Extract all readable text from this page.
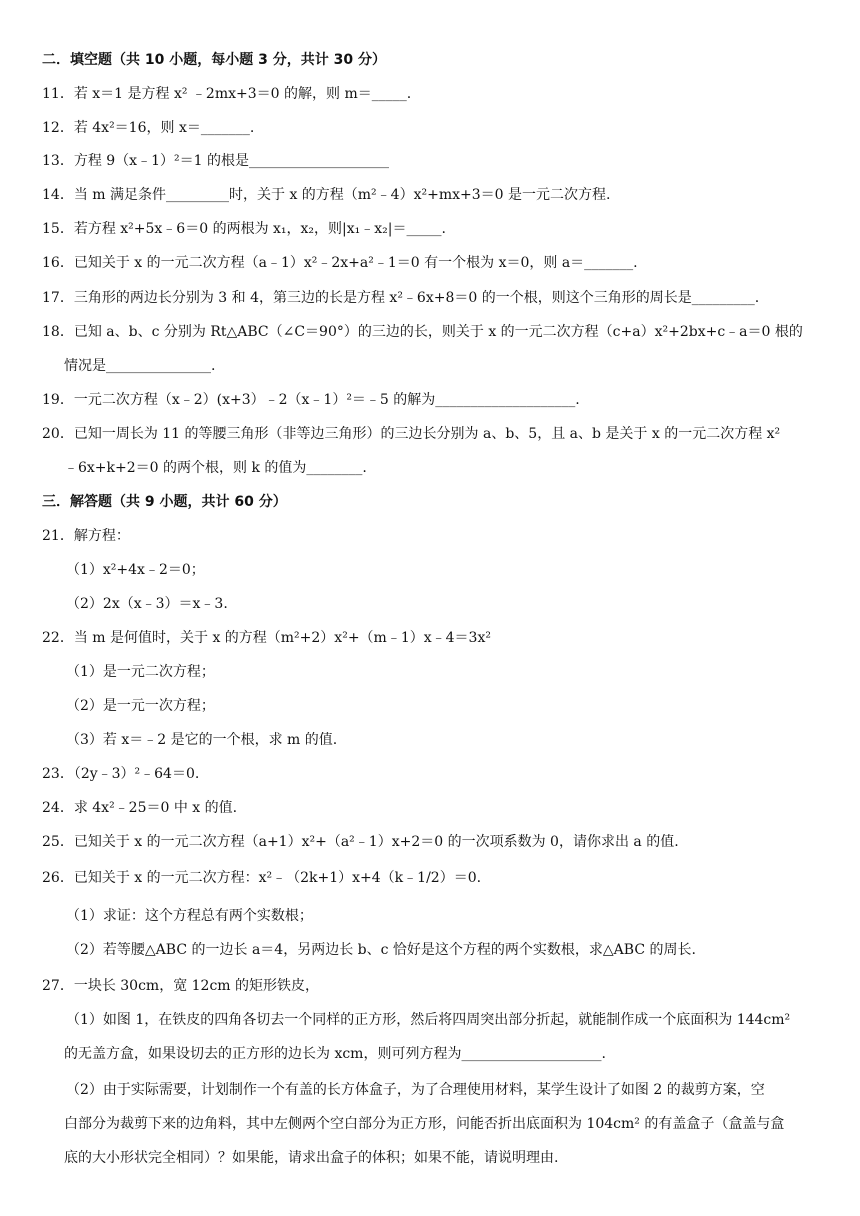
二．填空题（共 10 小题，每小题 3 分，共计 30 分）
11．若 x＝1 是方程 x² ﹣2mx+3＝0 的解，则 m＝_____.
12．若 4x²＝16，则 x＝_______.
13．方程 9（x﹣1）²＝1 的根是____________________
14．当 m 满足条件_________时，关于 x 的方程（m²﹣4）x²+mx+3＝0 是一元二次方程.
15．若方程 x²+5x﹣6＝0 的两根为 x₁，x₂，则|x₁﹣x₂|＝_____.
16．已知关于 x 的一元二次方程（a﹣1）x²﹣2x+a²﹣1＝0 有一个根为 x＝0，则 a＝_______.
17．三角形的两边长分别为 3 和 4，第三边的长是方程 x²﹣6x+8＝0 的一个根，则这个三角形的周长是_________.
18．已知 a、b、c 分别为 Rt△ABC（∠C＝90°）的三边的长，则关于 x 的一元二次方程（c+a）x²+2bx+c﹣a＝0 根的
情况是_______________.
19．一元二次方程（x﹣2）(x+3）﹣2（x﹣1）²＝﹣5 的解为____________________.
20．已知一周长为 11 的等腰三角形（非等边三角形）的三边长分别为 a、b、5，且 a、b 是关于 x 的一元二次方程 x²
﹣6x+k+2＝0 的两个根，则 k 的值为________.
三．解答题（共 9 小题，共计 60 分）
21．解方程：
（1）x²+4x﹣2＝0；
（2）2x（x﹣3）＝x﹣3.
22．当 m 是何值时，关于 x 的方程（m²+2）x²+（m﹣1）x﹣4＝3x²
（1）是一元二次方程；
（2）是一元一次方程；
（3）若 x＝﹣2 是它的一个根，求 m 的值.
23．（2y﹣3）²﹣64＝0.
24．求 4x²﹣25＝0 中 x 的值.
25．已知关于 x 的一元二次方程（a+1）x²+（a²﹣1）x+2＝0 的一次项系数为 0，请你求出 a 的值.
26．已知关于 x 的一元二次方程：x²﹣（2k+1）x+4（k﹣1/2）＝0.
（1）求证：这个方程总有两个实数根；
（2）若等腰△ABC 的一边长 a＝4，另两边长 b、c 恰好是这个方程的两个实数根，求△ABC 的周长.
27．一块长 30cm，宽 12cm 的矩形铁皮，
（1）如图 1，在铁皮的四角各切去一个同样的正方形，然后将四周突出部分折起，就能制作成一个底面积为 144cm²
的无盖方盒，如果设切去的正方形的边长为 xcm，则可列方程为____________________.
（2）由于实际需要，计划制作一个有盖的长方体盒子，为了合理使用材料，某学生设计了如图 2 的裁剪方案，空
白部分为裁剪下来的边角料，其中左侧两个空白部分为正方形，问能否折出底面积为 104cm² 的有盖盒子（盒盖与盒
底的大小形状完全相同）？如果能，请求出盒子的体积；如果不能，请说明理由.
